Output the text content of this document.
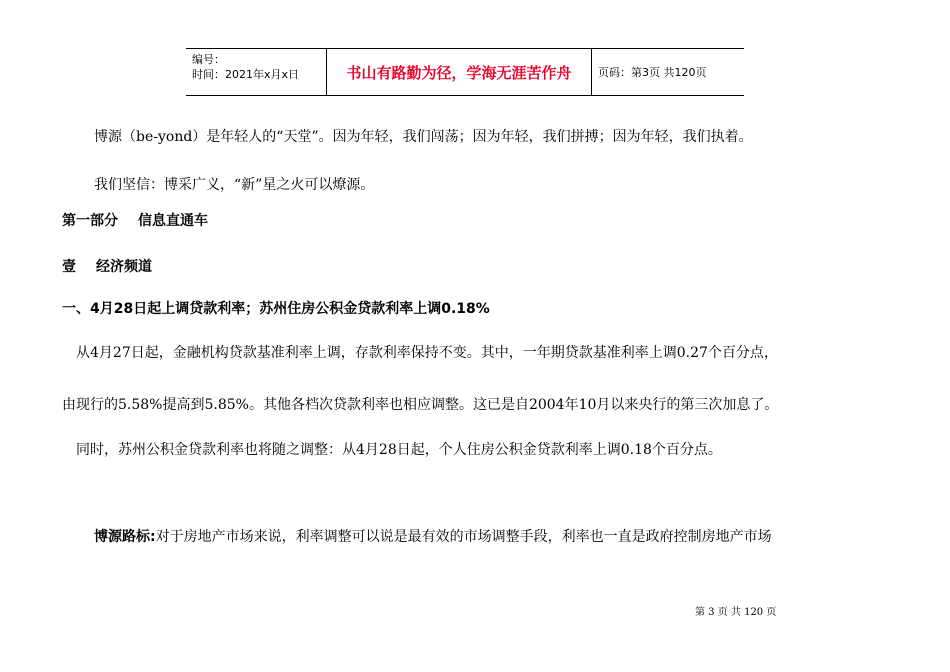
编号：
时间：2021年x月x日	书山有路勤为径，学海无涯苦作舟	页码：第3页 共120页
博源（be-yond）是年轻人的“天堂”。因为年轻，我们闯荡；因为年轻，我们拼搏；因为年轻，我们执着。
我们坚信：博采广义，“新”星之火可以燎源。
第一部分 信息直通车
壹 经济频道
一、4月28日起上调贷款利率；苏州住房公积金贷款利率上调0.18%
从4月27日起，金融机构贷款基准利率上调，存款利率保持不变。其中，一年期贷款基准利率上调0.27个百分点，
由现行的5.58%提高到5.85%。其他各档次贷款利率也相应调整。这已是自2004年10月以来央行的第三次加息了。
同时，苏州公积金贷款利率也将随之调整：从4月28日起，个人住房公积金贷款利率上调0.18个百分点。
博源路标:对于房地产市场来说，利率调整可以说是最有效的市场调整手段，利率也一直是政府控制房地产市场
第 3 页 共 120 页
